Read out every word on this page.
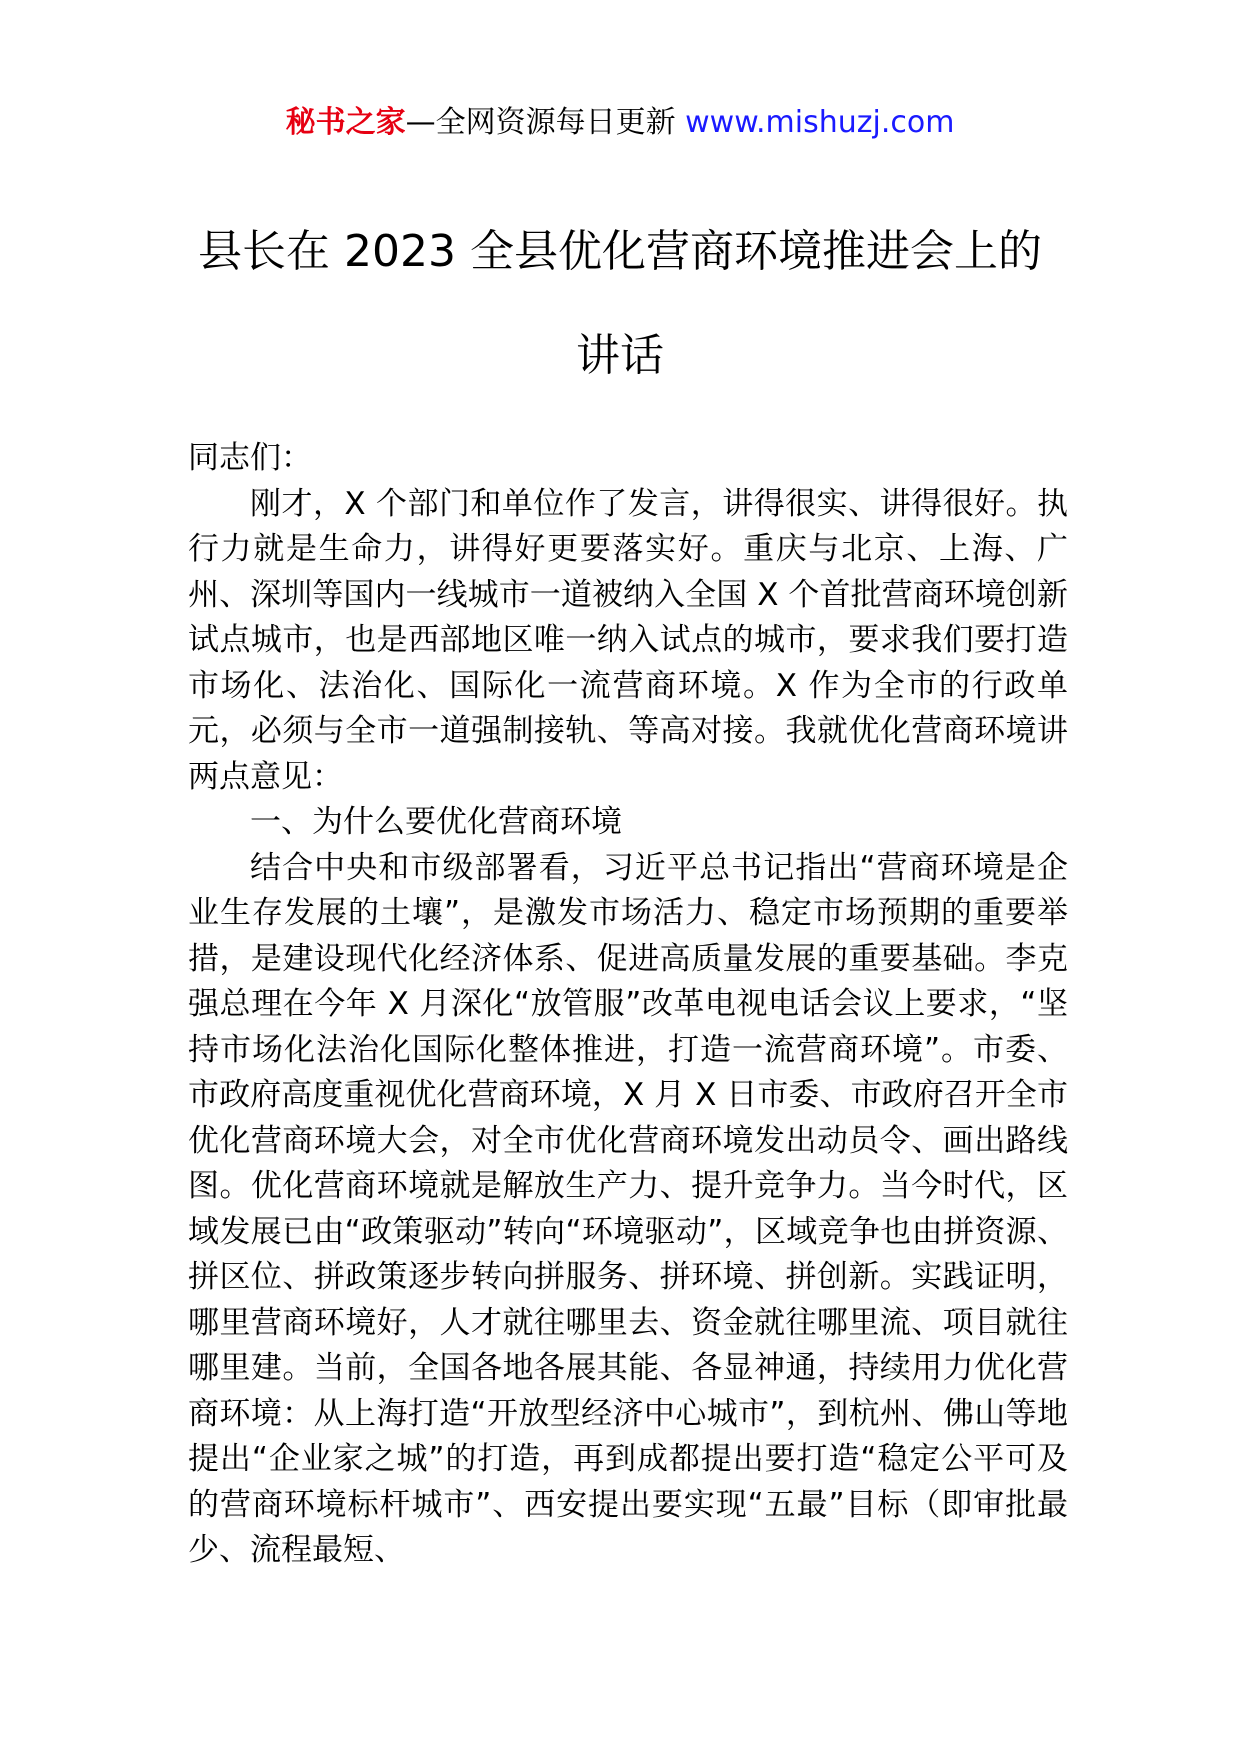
秘书之家—全网资源每日更新 www.mishuzj.com
县长在 2023 全县优化营商环境推进会上的
讲话

同志们：

刚才，X 个部门和单位作了发言，讲得很实、讲得很好。执行力就是生命力，讲得好更要落实好。重庆与北京、上海、广州、深圳等国内一线城市一道被纳入全国 X 个首批营商环境创新试点城市，也是西部地区唯一纳入试点的城市，要求我们要打造市场化、法治化、国际化一流营商环境。X 作为全市的行政单元，必须与全市一道强制接轨、等高对接。我就优化营商环境讲两点意见：

一、为什么要优化营商环境

结合中央和市级部署看，习近平总书记指出“营商环境是企业生存发展的土壤”，是激发市场活力、稳定市场预期的重要举措，是建设现代化经济体系、促进高质量发展的重要基础。李克强总理在今年 X 月深化“放管服”改革电视电话会议上要求，“坚持市场化法治化国际化整体推进，打造一流营商环境”。市委、市政府高度重视优化营商环境，X 月 X 日市委、市政府召开全市优化营商环境大会，对全市优化营商环境发出动员令、画出路线图。优化营商环境就是解放生产力、提升竞争力。当今时代，区域发展已由“政策驱动”转向“环境驱动”，区域竞争也由拼资源、拼区位、拼政策逐步转向拼服务、拼环境、拼创新。实践证明，哪里营商环境好，人才就往哪里去、资金就往哪里流、项目就往哪里建。当前，全国各地各展其能、各显神通，持续用力优化营商环境：从上海打造“开放型经济中心城市”，到杭州、佛山等地提出“企业家之城”的打造，再到成都提出要打造“稳定公平可及的营商环境标杆城市”、西安提出要实现“五最”目标（即审批最少、流程最短、
